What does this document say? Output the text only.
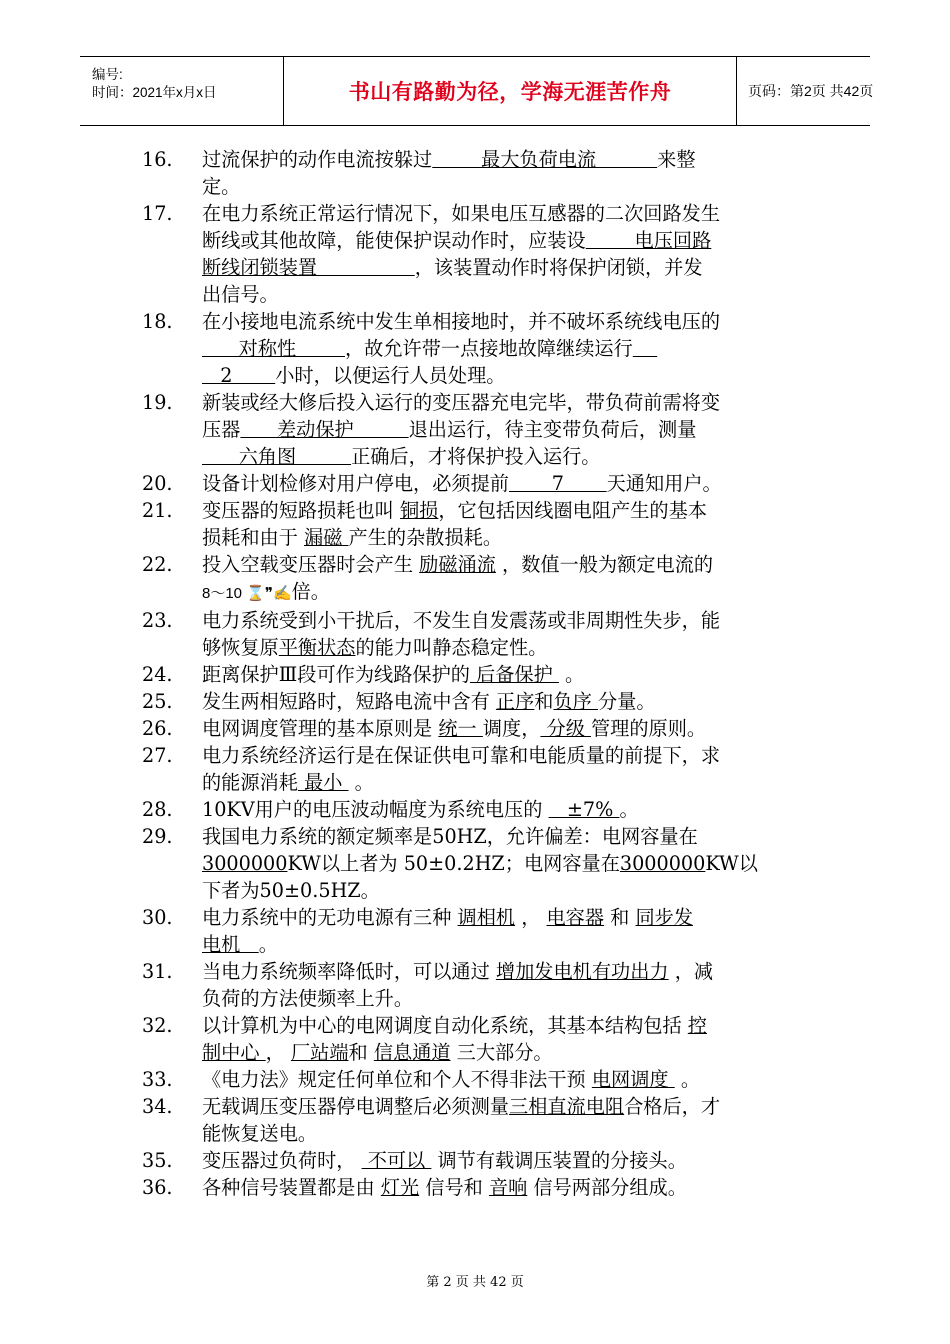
编号:
时间：2021年x月x日	书山有路勤为径，学海无涯苦作舟	页码：第2页 共42页
16. 过流保护的动作电流按躲过        最大负荷电流          来整
定。
17. 在电力系统正常运行情况下，如果电压互感器的二次回路发生
断线或其他故障，能使保护误动作时，应装设        电压回路
断线闭锁装置                ，该装置动作时将保护闭锁，并发
出信号。
18. 在小接地电流系统中发生单相接地时，并不破坏系统线电压的
对称性        ，故允许带一点接地故障继续运行
2       小时，以便运行人员处理。
19. 新装或经大修后投入运行的变压器充电完毕，带负荷前需将变
压器      差动保护         退出运行，待主变带负荷后，测量
六角图         正确后，才将保护投入运行。
20. 设备计划检修对用户停电，必须提前       7       天通知用户。
21. 变压器的短路损耗也叫 铜损，它包括因线圈电阻产生的基本
损耗和由于 漏磁 产生的杂散损耗。
22. 投入空载变压器时会产生 励磁涌流 ，数值一般为额定电流的
8～10 ⌛❞✍倍。
23. 电力系统受到小干扰后，不发生自发震荡或非周期性失步，能
够恢复原平衡状态的能力叫静态稳定性。
24. 距离保护Ⅲ段可作为线路保护的 后备保护  。
25. 发生两相短路时，短路电流中含有 正序和负序 分量。
26. 电网调度管理的基本原则是 统一 调度， 分级 管理的原则。
27. 电力系统经济运行是在保证供电可靠和电能质量的前提下，求
的能源消耗 最小  。
28. 10KV用户的电压波动幅度为系统电压的    ±7% 。
29. 我国电力系统的额定频率是50HZ，允许偏差：电网容量在
3000000KW以上者为 50±0.2HZ；电网容量在3000000KW以
下者为50±0.5HZ。
30. 电力系统中的无功电源有三种 调相机 ， 电容器 和 同步发
电机   。
31. 当电力系统频率降低时，可以通过 增加发电机有功出力 ，减
负荷的方法使频率上升。
32. 以计算机为中心的电网调度自动化系统，其基本结构包括 控
制中心 ， 厂站端和 信息通道 三大部分。
33. 《电力法》规定任何单位和个人不得非法干预 电网调度  。
34. 无载调压变压器停电调整后必须测量三相直流电阻合格后，才
能恢复送电。
35. 变压器过负荷时，  不可以  调节有载调压装置的分接头。
36. 各种信号装置都是由 灯光 信号和 音响 信号两部分组成。
第 2 页 共 42 页
